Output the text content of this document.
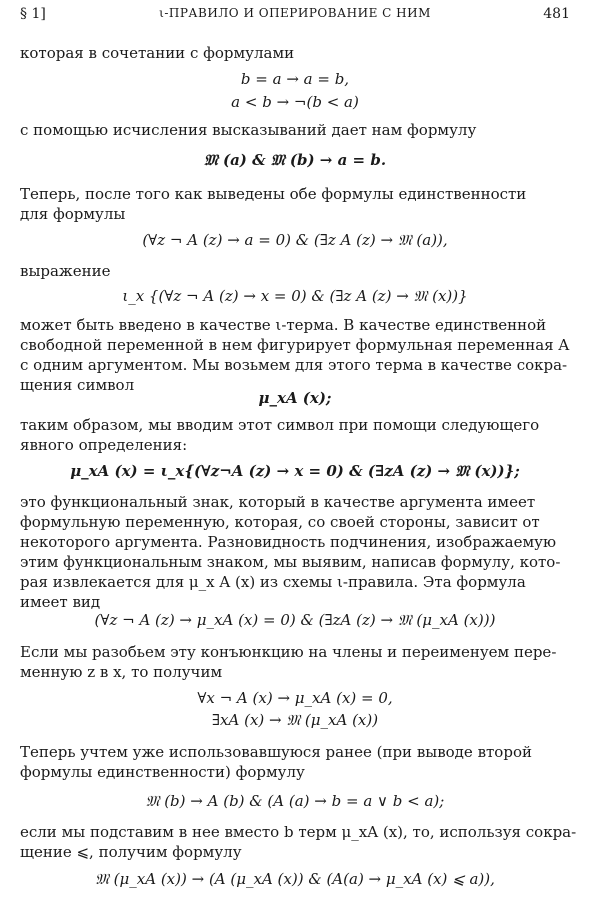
§ 1]	ι-ПРАВИЛО И ОПЕРИРОВАНИЕ С НИМ	481
которая в сочетании с формулами
b = a → a = b,
a < b → ¬(b < a)
с помощью исчисления высказываний дает нам формулу
𝔐 (a) & 𝔐 (b) → a = b.
Теперь, после того как выведены обе формулы единственности
для формулы
(∀z ¬ A (z) → a = 0) & (∃z A (z) → 𝔐 (a)),
выражение
ι_x {(∀z ¬ A (z) → x = 0) & (∃z A (z) → 𝔐 (x))}
может быть введено в качестве ι-терма. В качестве единственной
свободной переменной в нем фигурирует формульная переменная A
с одним аргументом. Мы возьмем для этого терма в качестве сокра-
щения символ
μ_xA (x);
таким образом, мы вводим этот символ при помощи следующего
явного определения:
μ_xA (x) = ι_x{(∀z¬A (z) → x = 0) & (∃zA (z) → 𝔐 (x))};
это функциональный знак, который в качестве аргумента имеет
формульную переменную, которая, со своей стороны, зависит от
некоторого аргумента. Разновидность подчинения, изображаемую
этим функциональным знаком, мы выявим, написав формулу, кото-
рая извлекается для μ_x A (x) из схемы ι-правила. Эта формула
имеет вид
(∀z ¬ A (z) → μ_xA (x) = 0) & (∃zA (z) → 𝔐 (μ_xA (x)))
Если мы разобьем эту конъюнкцию на члены и переименуем пере-
менную z в x, то получим
∀x ¬ A (x) → μ_xA (x) = 0,
∃xA (x) → 𝔐 (μ_xA (x))
Теперь учтем уже использовавшуюся ранее (при выводе второй
формулы единственности) формулу
𝔐 (b) → A (b) & (A (a) → b = a ∨ b < a);
если мы подставим в нее вместо b терм μ_xA (x), то, используя сокра-
щение ⩽, получим формулу
𝔐 (μ_xA (x)) → (A (μ_xA (x)) & (A(a) → μ_xA (x) ⩽ a)),
